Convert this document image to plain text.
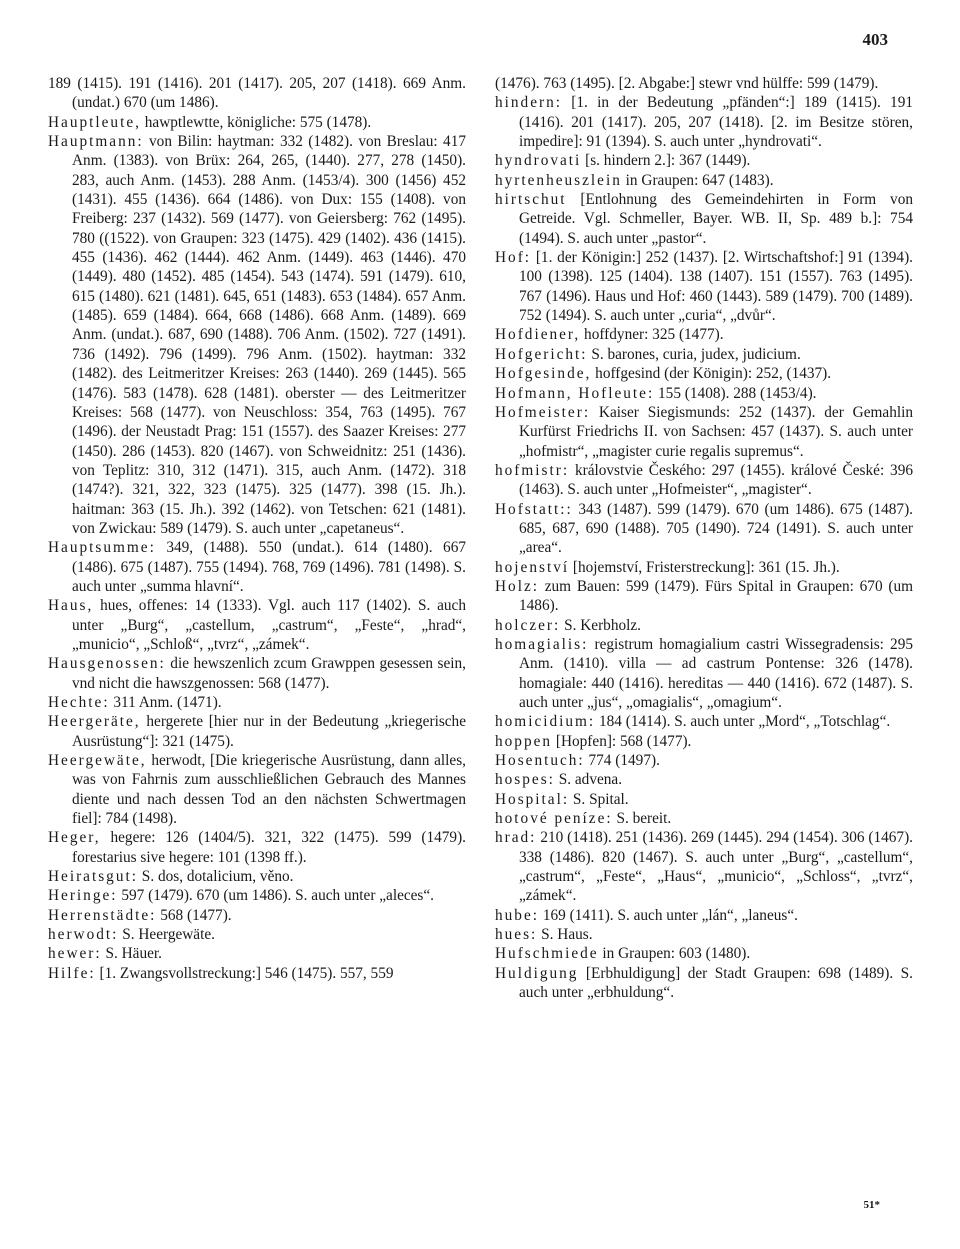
403

189 (1415). 191 (1416). 201 (1417). 205, 207 (1418). 669 Anm. (undat.) 670 (um 1486).

Hauptleute, hawptlewtte, königliche: 575 (1478).

Hauptmann: von Bilin: haytman: 332 (1482). von Breslau: 417 Anm. (1383). von Brüx: 264, 265, (1440). 277, 278 (1450). 283, auch Anm. (1453). 288 Anm. (1453/4). 300 (1456) 452 (1431). 455 (1436). 664 (1486). von Dux: 155 (1408). von Freiberg: 237 (1432). 569 (1477). von Geiersberg: 762 (1495). 780 ((1522). von Graupen: 323 (1475). 429 (1402). 436 (1415). 455 (1436). 462 (1444). 462 Anm. (1449). 463 (1446). 470 (1449). 480 (1452). 485 (1454). 543 (1474). 591 (1479). 610, 615 (1480). 621 (1481). 645, 651 (1483). 653 (1484). 657 Anm. (1485). 659 (1484). 664, 668 (1486). 668 Anm. (1489). 669 Anm. (undat.). 687, 690 (1488). 706 Anm. (1502). 727 (1491). 736 (1492). 796 (1499). 796 Anm. (1502). haytman: 332 (1482). des Leitmeritzer Kreises: 263 (1440). 269 (1445). 565 (1476). 583 (1478). 628 (1481). oberster — des Leitmeritzer Kreises: 568 (1477). von Neuschloss: 354, 763 (1495). 767 (1496). der Neustadt Prag: 151 (1557). des Saazer Kreises: 277 (1450). 286 (1453). 820 (1467). von Schweidnitz: 251 (1436). von Teplitz: 310, 312 (1471). 315, auch Anm. (1472). 318 (1474?). 321, 322, 323 (1475). 325 (1477). 398 (15. Jh.). haitman: 363 (15. Jh.). 392 (1462). von Tetschen: 621 (1481). von Zwickau: 589 (1479). S. auch unter „capetaneus“.

Hauptsumme: 349, (1488). 550 (undat.). 614 (1480). 667 (1486). 675 (1487). 755 (1494). 768, 769 (1496). 781 (1498). S. auch unter „summa hlavní“.

Haus, hues, offenes: 14 (1333). Vgl. auch 117 (1402). S. auch unter „Burg“, „castellum, „castrum“, „Feste“, „hrad“, „municio“, „Schloß“, „tvrz“, „zámek“.

Hausgenossen: die hewszenlich zcum Grawppen gesessen sein, vnd nicht die hawszgenossen: 568 (1477).

Hechte: 311 Anm. (1471).

Heergeräte, hergerete [hier nur in der Bedeutung „kriegerische Ausrüstung“]: 321 (1475).

Heergewäte, herwodt, [Die kriegerische Ausrüstung, dann alles, was von Fahrnis zum ausschließlichen Gebrauch des Mannes diente und nach dessen Tod an den nächsten Schwertmagen fiel]: 784 (1498).

Heger, hegere: 126 (1404/5). 321, 322 (1475). 599 (1479). forestarius sive hegere: 101 (1398 ff.).

Heiratsgut: S. dos, dotalicium, věno.

Heringe: 597 (1479). 670 (um 1486). S. auch unter „aleces“.

Herrenstädte: 568 (1477).

herwodt: S. Heergewäte.

hewer: S. Häuer.

Hilfe: [1. Zwangsvollstreckung:] 546 (1475). 557, 559

(1476). 763 (1495). [2. Abgabe:] stewr vnd hülffe: 599 (1479).

hindern: [1. in der Bedeutung „pfänden“:] 189 (1415). 191 (1416). 201 (1417). 205, 207 (1418). [2. im Besitze stören, impedire]: 91 (1394). S. auch unter „hyndrovati“.

hyndrovati [s. hindern 2.]: 367 (1449).

hyrtenheuszlein in Graupen: 647 (1483).

hirtschut [Entlohnung des Gemeindehirten in Form von Getreide. Vgl. Schmeller, Bayer. WB. II, Sp. 489 b.]: 754 (1494). S. auch unter „pastor“.

Hof: [1. der Königin:] 252 (1437). [2. Wirtschaftshof:] 91 (1394). 100 (1398). 125 (1404). 138 (1407). 151 (1557). 763 (1495). 767 (1496). Haus und Hof: 460 (1443). 589 (1479). 700 (1489). 752 (1494). S. auch unter „curia“, „dvůr“.

Hofdiener, hoffdyner: 325 (1477).

Hofgericht: S. barones, curia, judex, judicium.

Hofgesinde, hoffgesind (der Königin): 252, (1437).

Hofmann, Hofleute: 155 (1408). 288 (1453/4).

Hofmeister: Kaiser Siegismunds: 252 (1437). der Gemahlin Kurfürst Friedrichs II. von Sachsen: 457 (1437). S. auch unter „hofmistr“, „magister curie regalis supremus“.

hofmistr: královstvie Českého: 297 (1455). králové České: 396 (1463). S. auch unter „Hofmeister“, „magister“.

Hofstatt:: 343 (1487). 599 (1479). 670 (um 1486). 675 (1487). 685, 687, 690 (1488). 705 (1490). 724 (1491). S. auch unter „area“.

hojenství [hojemství, Fristerstreckung]: 361 (15. Jh.).

Holz: zum Bauen: 599 (1479). Fürs Spital in Graupen: 670 (um 1486).

holczer: S. Kerbholz.

homagialis: registrum homagialium castri Wissegradensis: 295 Anm. (1410). villa — ad castrum Pontense: 326 (1478). homagiale: 440 (1416). hereditas — 440 (1416). 672 (1487). S. auch unter „jus“, „omagialis“, „omagium“.

homicidium: 184 (1414). S. auch unter „Mord“, „Totschlag“.

hoppen [Hopfen]: 568 (1477).

Hosentuch: 774 (1497).

hospes: S. advena.

Hospital: S. Spital.

hotové peníze: S. bereit.

hrad: 210 (1418). 251 (1436). 269 (1445). 294 (1454). 306 (1467). 338 (1486). 820 (1467). S. auch unter „Burg“, „castellum“, „castrum“, „Feste“, „Haus“, „municio“, „Schloss“, „tvrz“, „zámek“.

hube: 169 (1411). S. auch unter „lán“, „laneus“.

hues: S. Haus.

Hufschmiede in Graupen: 603 (1480).

Huldigung [Erbhuldigung] der Stadt Graupen: 698 (1489). S. auch unter „erbhuldung“.

51*
